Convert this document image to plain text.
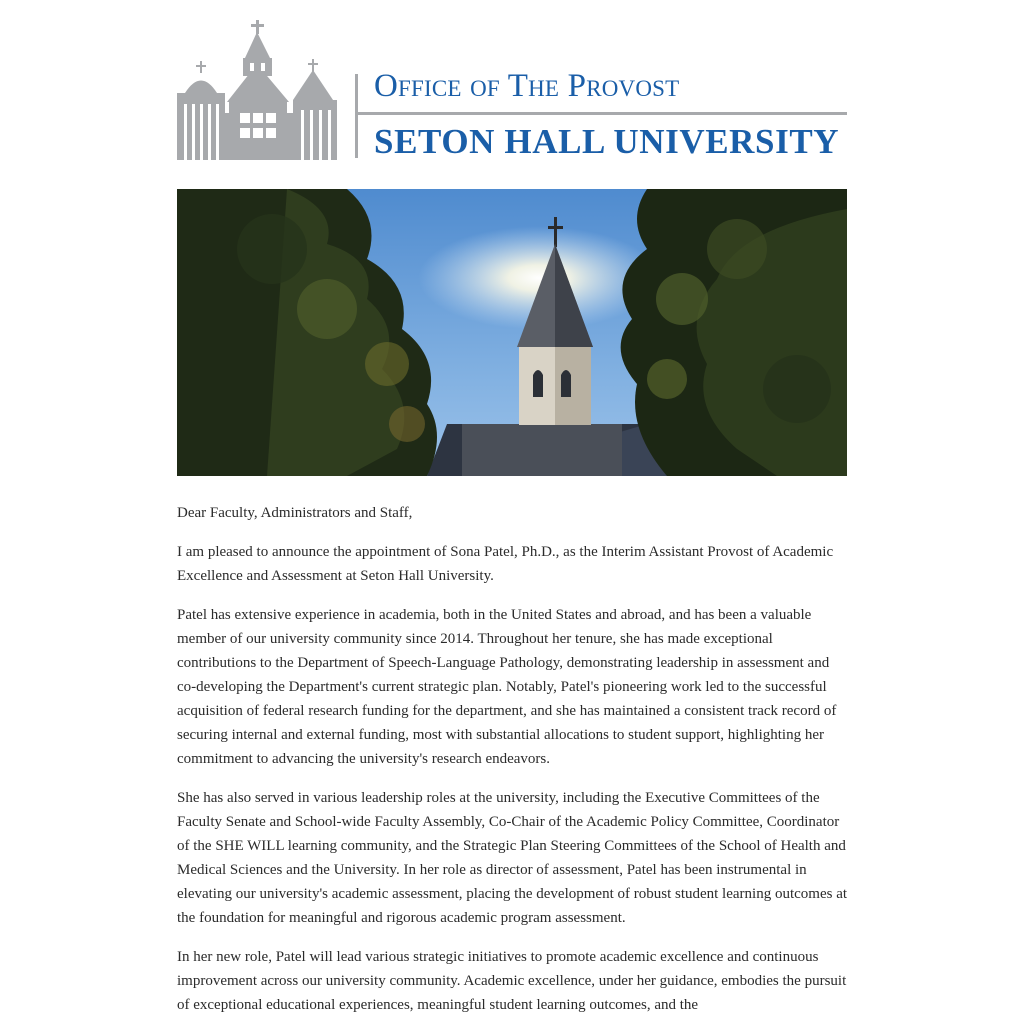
Office of The Provost
SETON HALL UNIVERSITY

Dear Faculty, Administrators and Staff,

I am pleased to announce the appointment of Sona Patel, Ph.D., as the Interim Assistant Provost of Academic Excellence and Assessment at Seton Hall University.

Patel has extensive experience in academia, both in the United States and abroad, and has been a valuable member of our university community since 2014. Throughout her tenure, she has made exceptional contributions to the Department of Speech-Language Pathology, demonstrating leadership in assessment and co-developing the Department's current strategic plan. Notably, Patel's pioneering work led to the successful acquisition of federal research funding for the department, and she has maintained a consistent track record of securing internal and external funding, most with substantial allocations to student support, highlighting her commitment to advancing the university's research endeavors.

She has also served in various leadership roles at the university, including the Executive Committees of the Faculty Senate and School-wide Faculty Assembly, Co-Chair of the Academic Policy Committee, Coordinator of the SHE WILL learning community, and the Strategic Plan Steering Committees of the School of Health and Medical Sciences and the University. In her role as director of assessment, Patel has been instrumental in elevating our university's academic assessment, placing the development of robust student learning outcomes at the foundation for meaningful and rigorous academic program assessment.

In her new role, Patel will lead various strategic initiatives to promote academic excellence and continuous improvement across our university community. Academic excellence, under her guidance, embodies the pursuit of exceptional educational experiences, meaningful student learning outcomes, and the
